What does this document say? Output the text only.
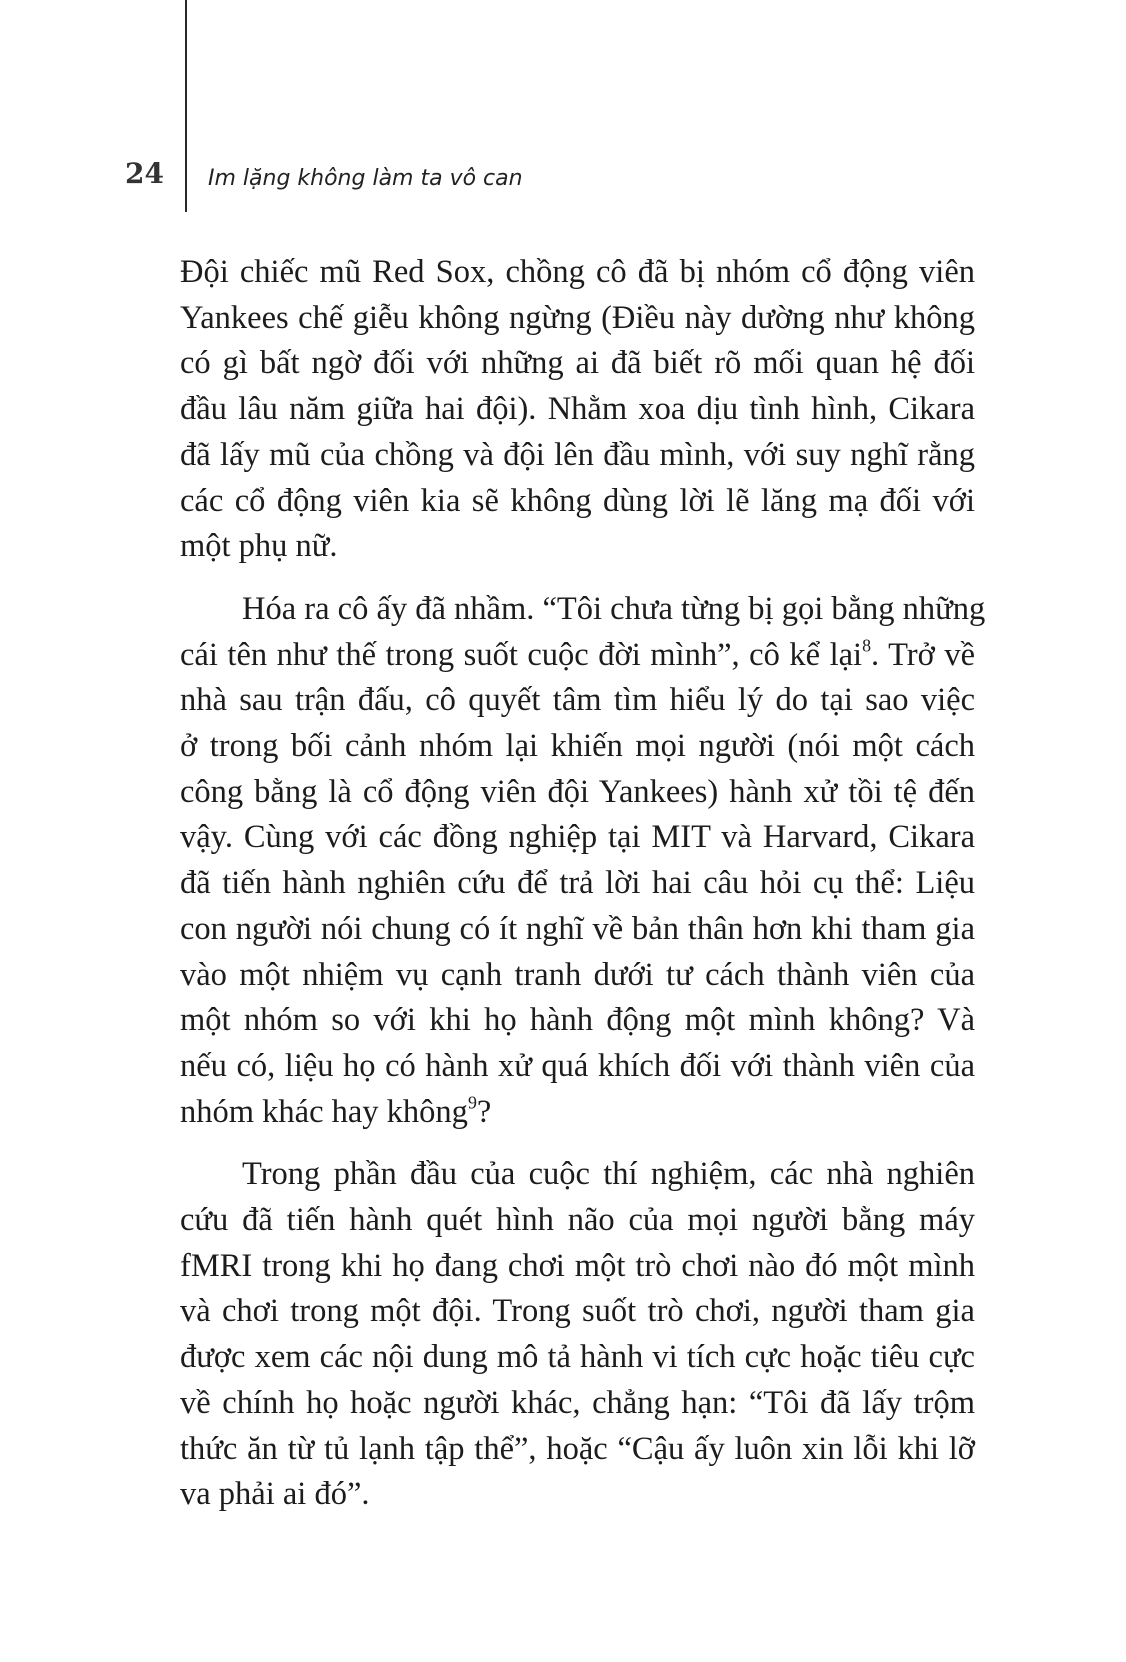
24 Im lặng không làm ta vô can

Đội chiếc mũ Red Sox, chồng cô đã bị nhóm cổ động viên
Yankees chế giễu không ngừng (Điều này dường như không
có gì bất ngờ đối với những ai đã biết rõ mối quan hệ đối
đầu lâu năm giữa hai đội). Nhằm xoa dịu tình hình, Cikara
đã lấy mũ của chồng và đội lên đầu mình, với suy nghĩ rằng
các cổ động viên kia sẽ không dùng lời lẽ lăng mạ đối với
một phụ nữ.

Hóa ra cô ấy đã nhầm. “Tôi chưa từng bị gọi bằng những
cái tên như thế trong suốt cuộc đời mình”, cô kể lại$^8$. Trở về
nhà sau trận đấu, cô quyết tâm tìm hiểu lý do tại sao việc
ở trong bối cảnh nhóm lại khiến mọi người (nói một cách
công bằng là cổ động viên đội Yankees) hành xử tồi tệ đến
vậy. Cùng với các đồng nghiệp tại MIT và Harvard, Cikara
đã tiến hành nghiên cứu để trả lời hai câu hỏi cụ thể: Liệu
con người nói chung có ít nghĩ về bản thân hơn khi tham gia
vào một nhiệm vụ cạnh tranh dưới tư cách thành viên của
một nhóm so với khi họ hành động một mình không? Và
nếu có, liệu họ có hành xử quá khích đối với thành viên của
nhóm khác hay không$^9$?

Trong phần đầu của cuộc thí nghiệm, các nhà nghiên
cứu đã tiến hành quét hình não của mọi người bằng máy
fMRI trong khi họ đang chơi một trò chơi nào đó một mình
và chơi trong một đội. Trong suốt trò chơi, người tham gia
được xem các nội dung mô tả hành vi tích cực hoặc tiêu cực
về chính họ hoặc người khác, chẳng hạn: “Tôi đã lấy trộm
thức ăn từ tủ lạnh tập thể”, hoặc “Cậu ấy luôn xin lỗi khi lỡ
va phải ai đó”.
